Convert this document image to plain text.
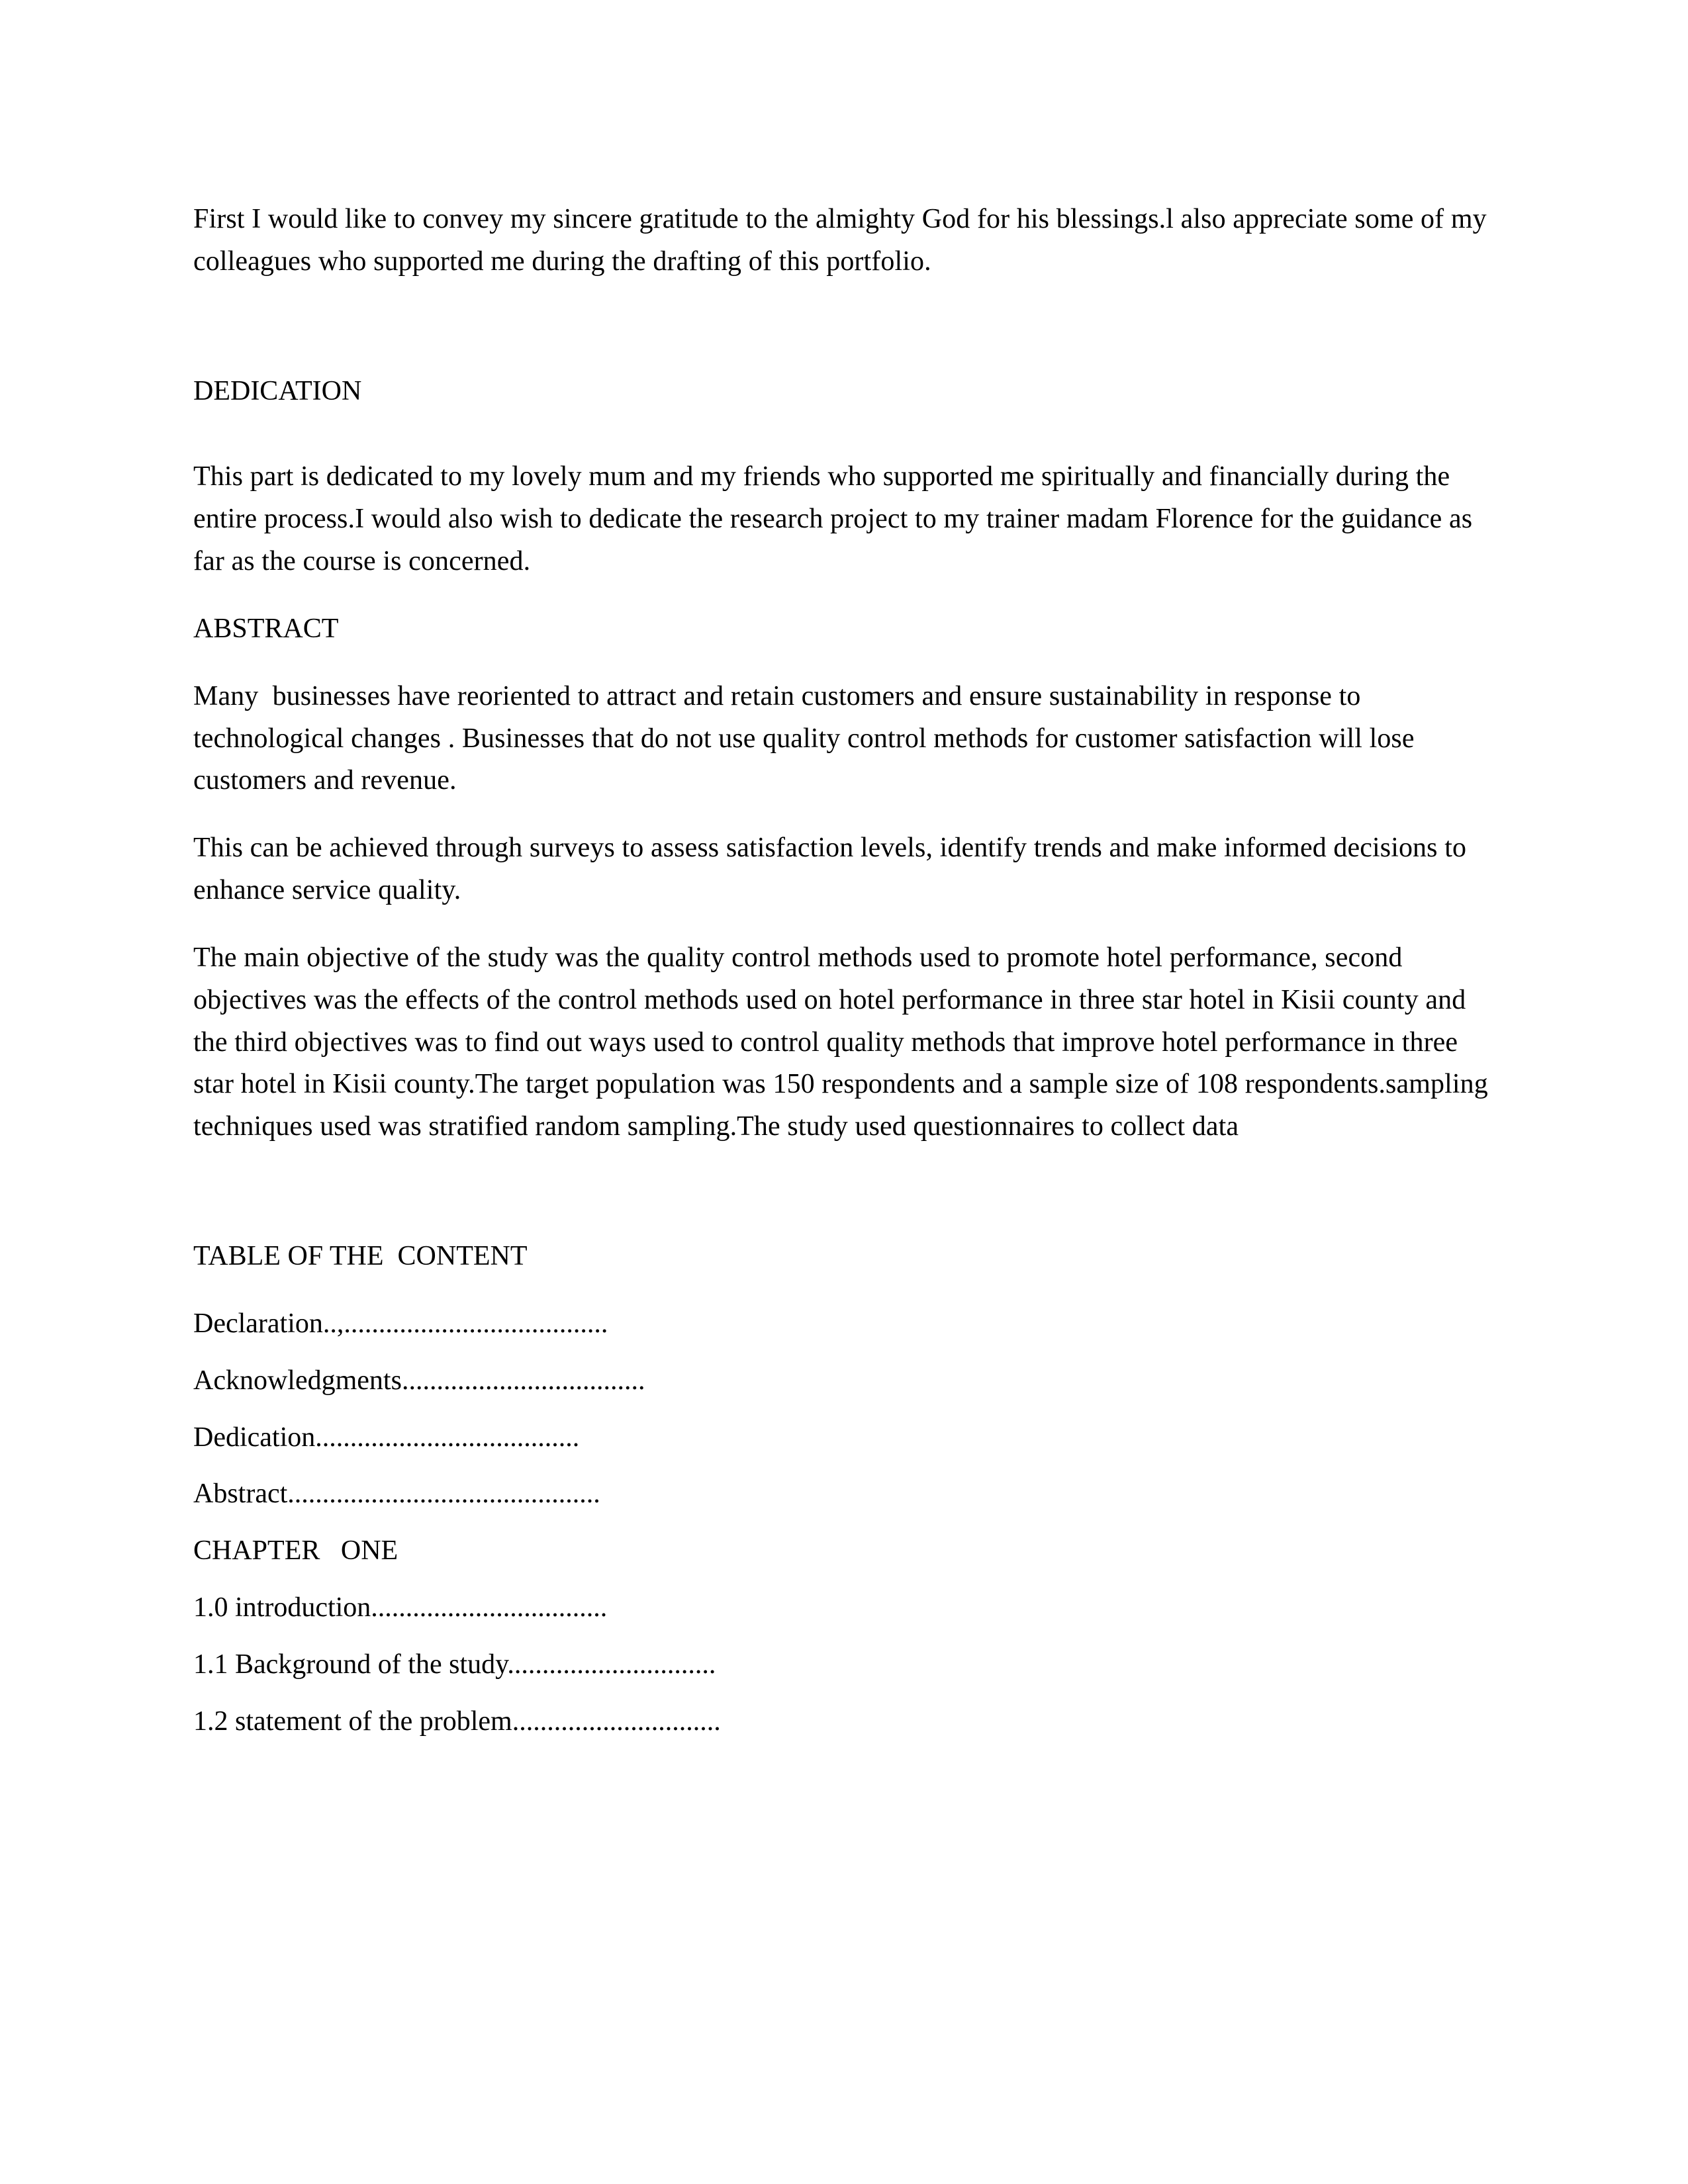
First I would like to convey my sincere gratitude to the almighty God for his blessings.l also appreciate some of my colleagues who supported me during the drafting of this portfolio.

DEDICATION

This part is dedicated to my lovely mum and my friends who supported me spiritually and financially during the entire process.I would also wish to dedicate the research project to my trainer madam Florence for the guidance as far as the course is concerned.

ABSTRACT

Many  businesses have reoriented to attract and retain customers and ensure sustainability in response to technological changes . Businesses that do not use quality control methods for customer satisfaction will lose customers and revenue.

This can be achieved through surveys to assess satisfaction levels, identify trends and make informed decisions to enhance service quality.

The main objective of the study was the quality control methods used to promote hotel performance, second objectives was the effects of the control methods used on hotel performance in three star hotel in Kisii county and  the third objectives was to find out ways used to control quality methods that improve hotel performance in three star hotel in Kisii county.The target population was 150 respondents and a sample size of 108 respondents.sampling techniques used was stratified random sampling.The study used questionnaires to collect data

TABLE OF THE  CONTENT

Declaration..,......................................

Acknowledgments...................................

Dedication......................................

Abstract.............................................

CHAPTER   ONE

1.0 introduction..................................

1.1 Background of the study..............................

1.2 statement of the problem..............................
